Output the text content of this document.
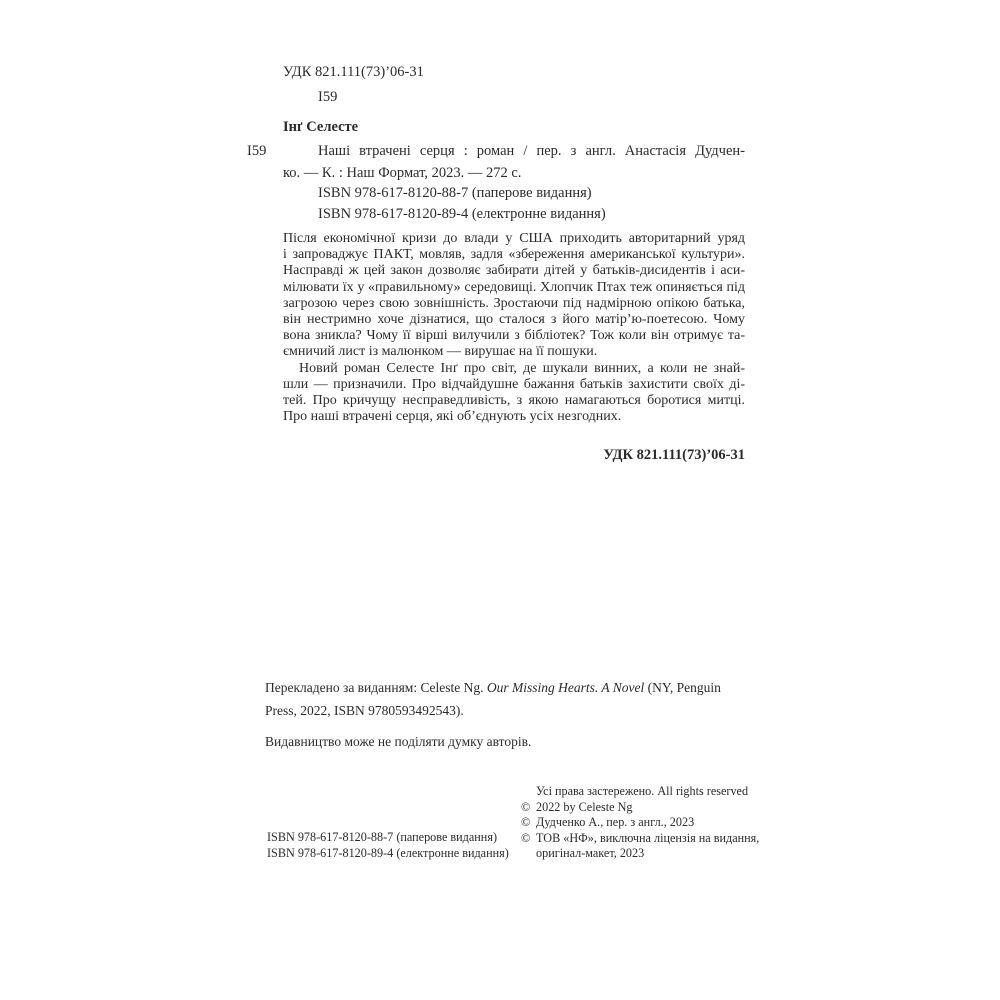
УДК 821.111(73)’06-31
І59
Інґ Селесте
І59	Наші втрачені серця : роман / пер. з англ. Анастасія Дудчен-
ко. — К. : Наш Формат, 2023. — 272 с.
ISBN 978-617-8120-88-7 (паперове видання)
ISBN 978-617-8120-89-4 (електронне видання)
Після економічної кризи до влади у США приходить авторитарний уряд
і запроваджує ПАКТ, мовляв, задля «збереження американської культури».
Насправді ж цей закон дозволяє забирати дітей у батьків-дисидентів і аси-
мілювати їх у «правильному» середовищі. Хлопчик Птах теж опиняється під
загрозою через свою зовнішність. Зростаючи під надмірною опікою батька,
він нестримно хоче дізнатися, що сталося з його матір’ю-поетесою. Чому
вона зникла? Чому її вірші вилучили з бібліотек? Тож коли він отримує та-
ємничий лист із малюнком — вирушає на її пошуки.
Новий роман Селесте Інґ про світ, де шукали винних, а коли не знай-
шли — призначили. Про відчайдушне бажання батьків захистити своїх ді-
тей. Про кричущу несправедливість, з якою намагаються боротися митці.
Про наші втрачені серця, які об’єднують усіх незгодних.
УДК 821.111(73)’06-31
Перекладено за виданням: Celeste Ng. Our Missing Hearts. A Novel (NY, Penguin Press, 2022, ISBN 9780593492543).
Видавництво може не поділяти думку авторів.
Усі права застережено. All rights reserved
© 2022 by Celeste Ng
© Дудченко А., пер. з англ., 2023
© ТОВ «НФ», виключна ліцензія на видання,
оригінал-макет, 2023
ISBN 978-617-8120-88-7 (паперове видання)
ISBN 978-617-8120-89-4 (електронне видання)
